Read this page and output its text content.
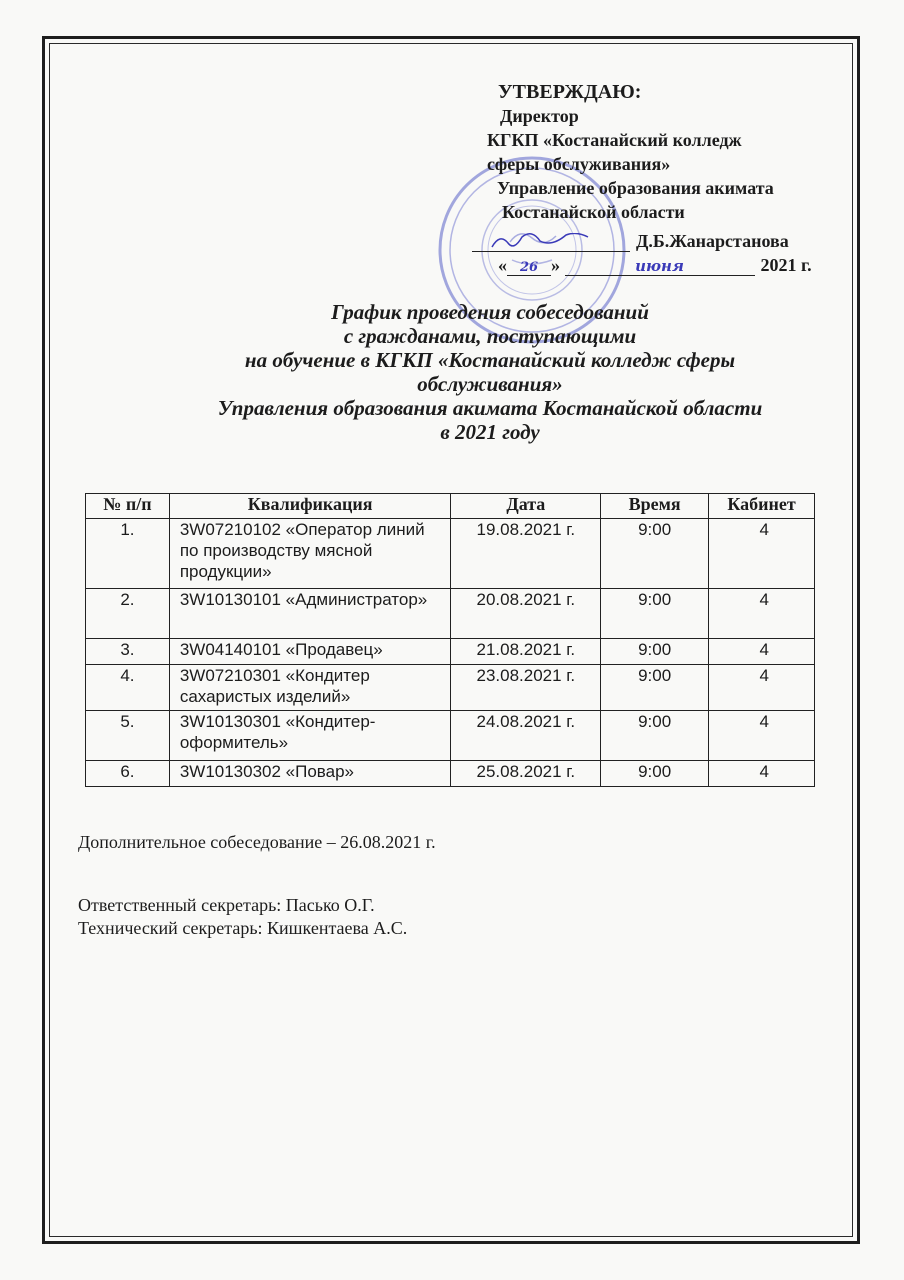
УТВЕРЖДАЮ:
Директор
КГКП «Костанайский колледж
сферы обслуживания»
Управление образования акимата
Костанайской области
Д.Б.Жанарстанова
« 26 »	июня	2021 г.
График проведения собеседований
с гражданами, поступающими
на обучение в КГКП «Костанайский колледж сферы
обслуживания»
Управления образования акимата Костанайской области
в 2021 году
№ п/п	Квалификация	Дата	Время	Кабинет
1.	3W07210102 «Оператор линий по производству мясной продукции»	19.08.2021 г.	9:00	4
2.	3W10130101 «Администратор»	20.08.2021 г.	9:00	4
3.	3W04140101 «Продавец»	21.08.2021 г.	9:00	4
4.	3W07210301 «Кондитер сахаристых изделий»	23.08.2021 г.	9:00	4
5.	3W10130301 «Кондитер-оформитель»	24.08.2021 г.	9:00	4
6.	3W10130302 «Повар»	25.08.2021 г.	9:00	4
Дополнительное собеседование – 26.08.2021 г.
Ответственный секретарь: Пасько О.Г.
Технический секретарь: Кишкентаева А.С.
